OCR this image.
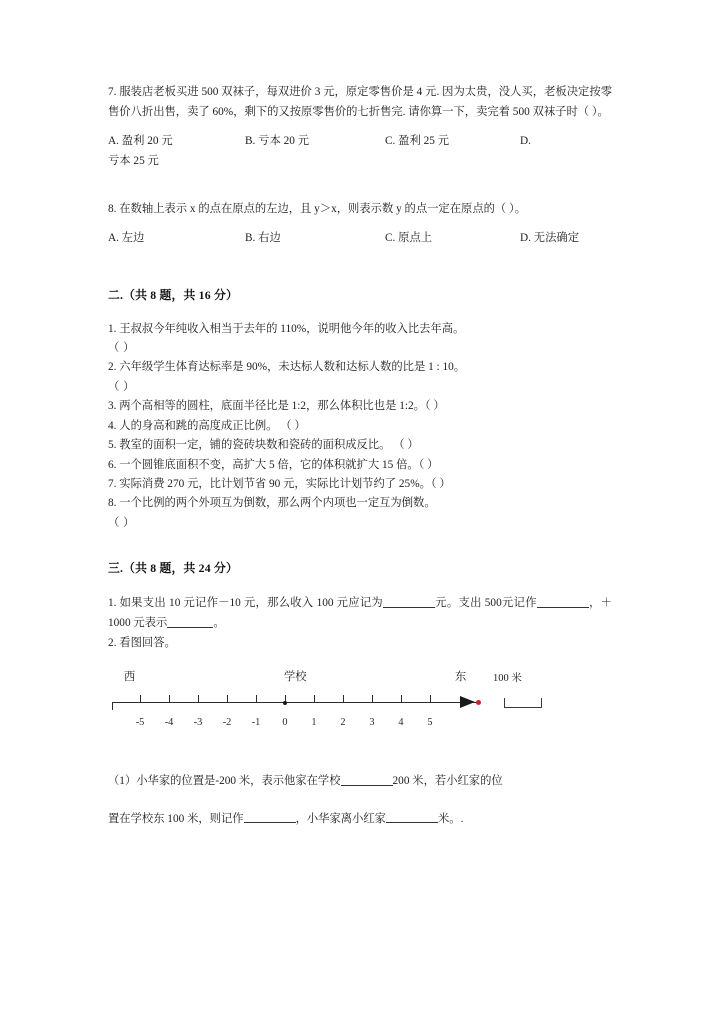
7. 服装店老板买进 500 双袜子，每双进价 3 元，原定零售价是 4 元. 因为太贵，没人买，老板决定按零售价八折出售，卖了 60%，剩下的又按原零售价的七折售完. 请你算一下，卖完着 500 双袜子时（ ）。

A. 盈利 20 元	B. 亏本 20 元	C. 盈利 25 元	D.
亏本 25 元

8. 在数轴上表示 x 的点在原点的左边，且 y＞x，则表示数 y 的点一定在原点的（ ）。

A. 左边	B. 右边	C. 原点上	D. 无法确定

二.（共 8 题，共 16 分）

1. 王叔叔今年纯收入相当于去年的 110%，说明他今年的收入比去年高。

（ ）

2. 六年级学生体育达标率是 90%，未达标人数和达标人数的比是 1 : 10。

（ ）

3. 两个高相等的圆柱，底面半径比是 1:2，那么体积比也是 1:2。（ ）

4. 人的身高和跳的高度成正比例。 （ ）

5. 教室的面积一定，铺的瓷砖块数和瓷砖的面积成反比。 （ ）

6. 一个圆锥底面积不变，高扩大 5 倍，它的体积就扩大 15 倍。（ ）

7. 实际消费 270 元，比计划节省 90 元，实际比计划节约了 25%。（ ）

8. 一个比例的两个外项互为倒数，那么两个内项也一定互为倒数。

（ ）

三.（共 8 题，共 24 分）

1. 如果支出 10 元记作－10 元，那么收入 100 元应记为	元。支出 500元记作	，＋1000 元表示	。

2. 看图回答。

西	学校	东	100 米
-5	-4	-3	-2	-1	0	1	2	3	4	5

（1）小华家的位置是-200 米，表示他家在学校	200 米，若小红家的位

置在学校东 100 米，则记作	，小华家离小红家	米。.
